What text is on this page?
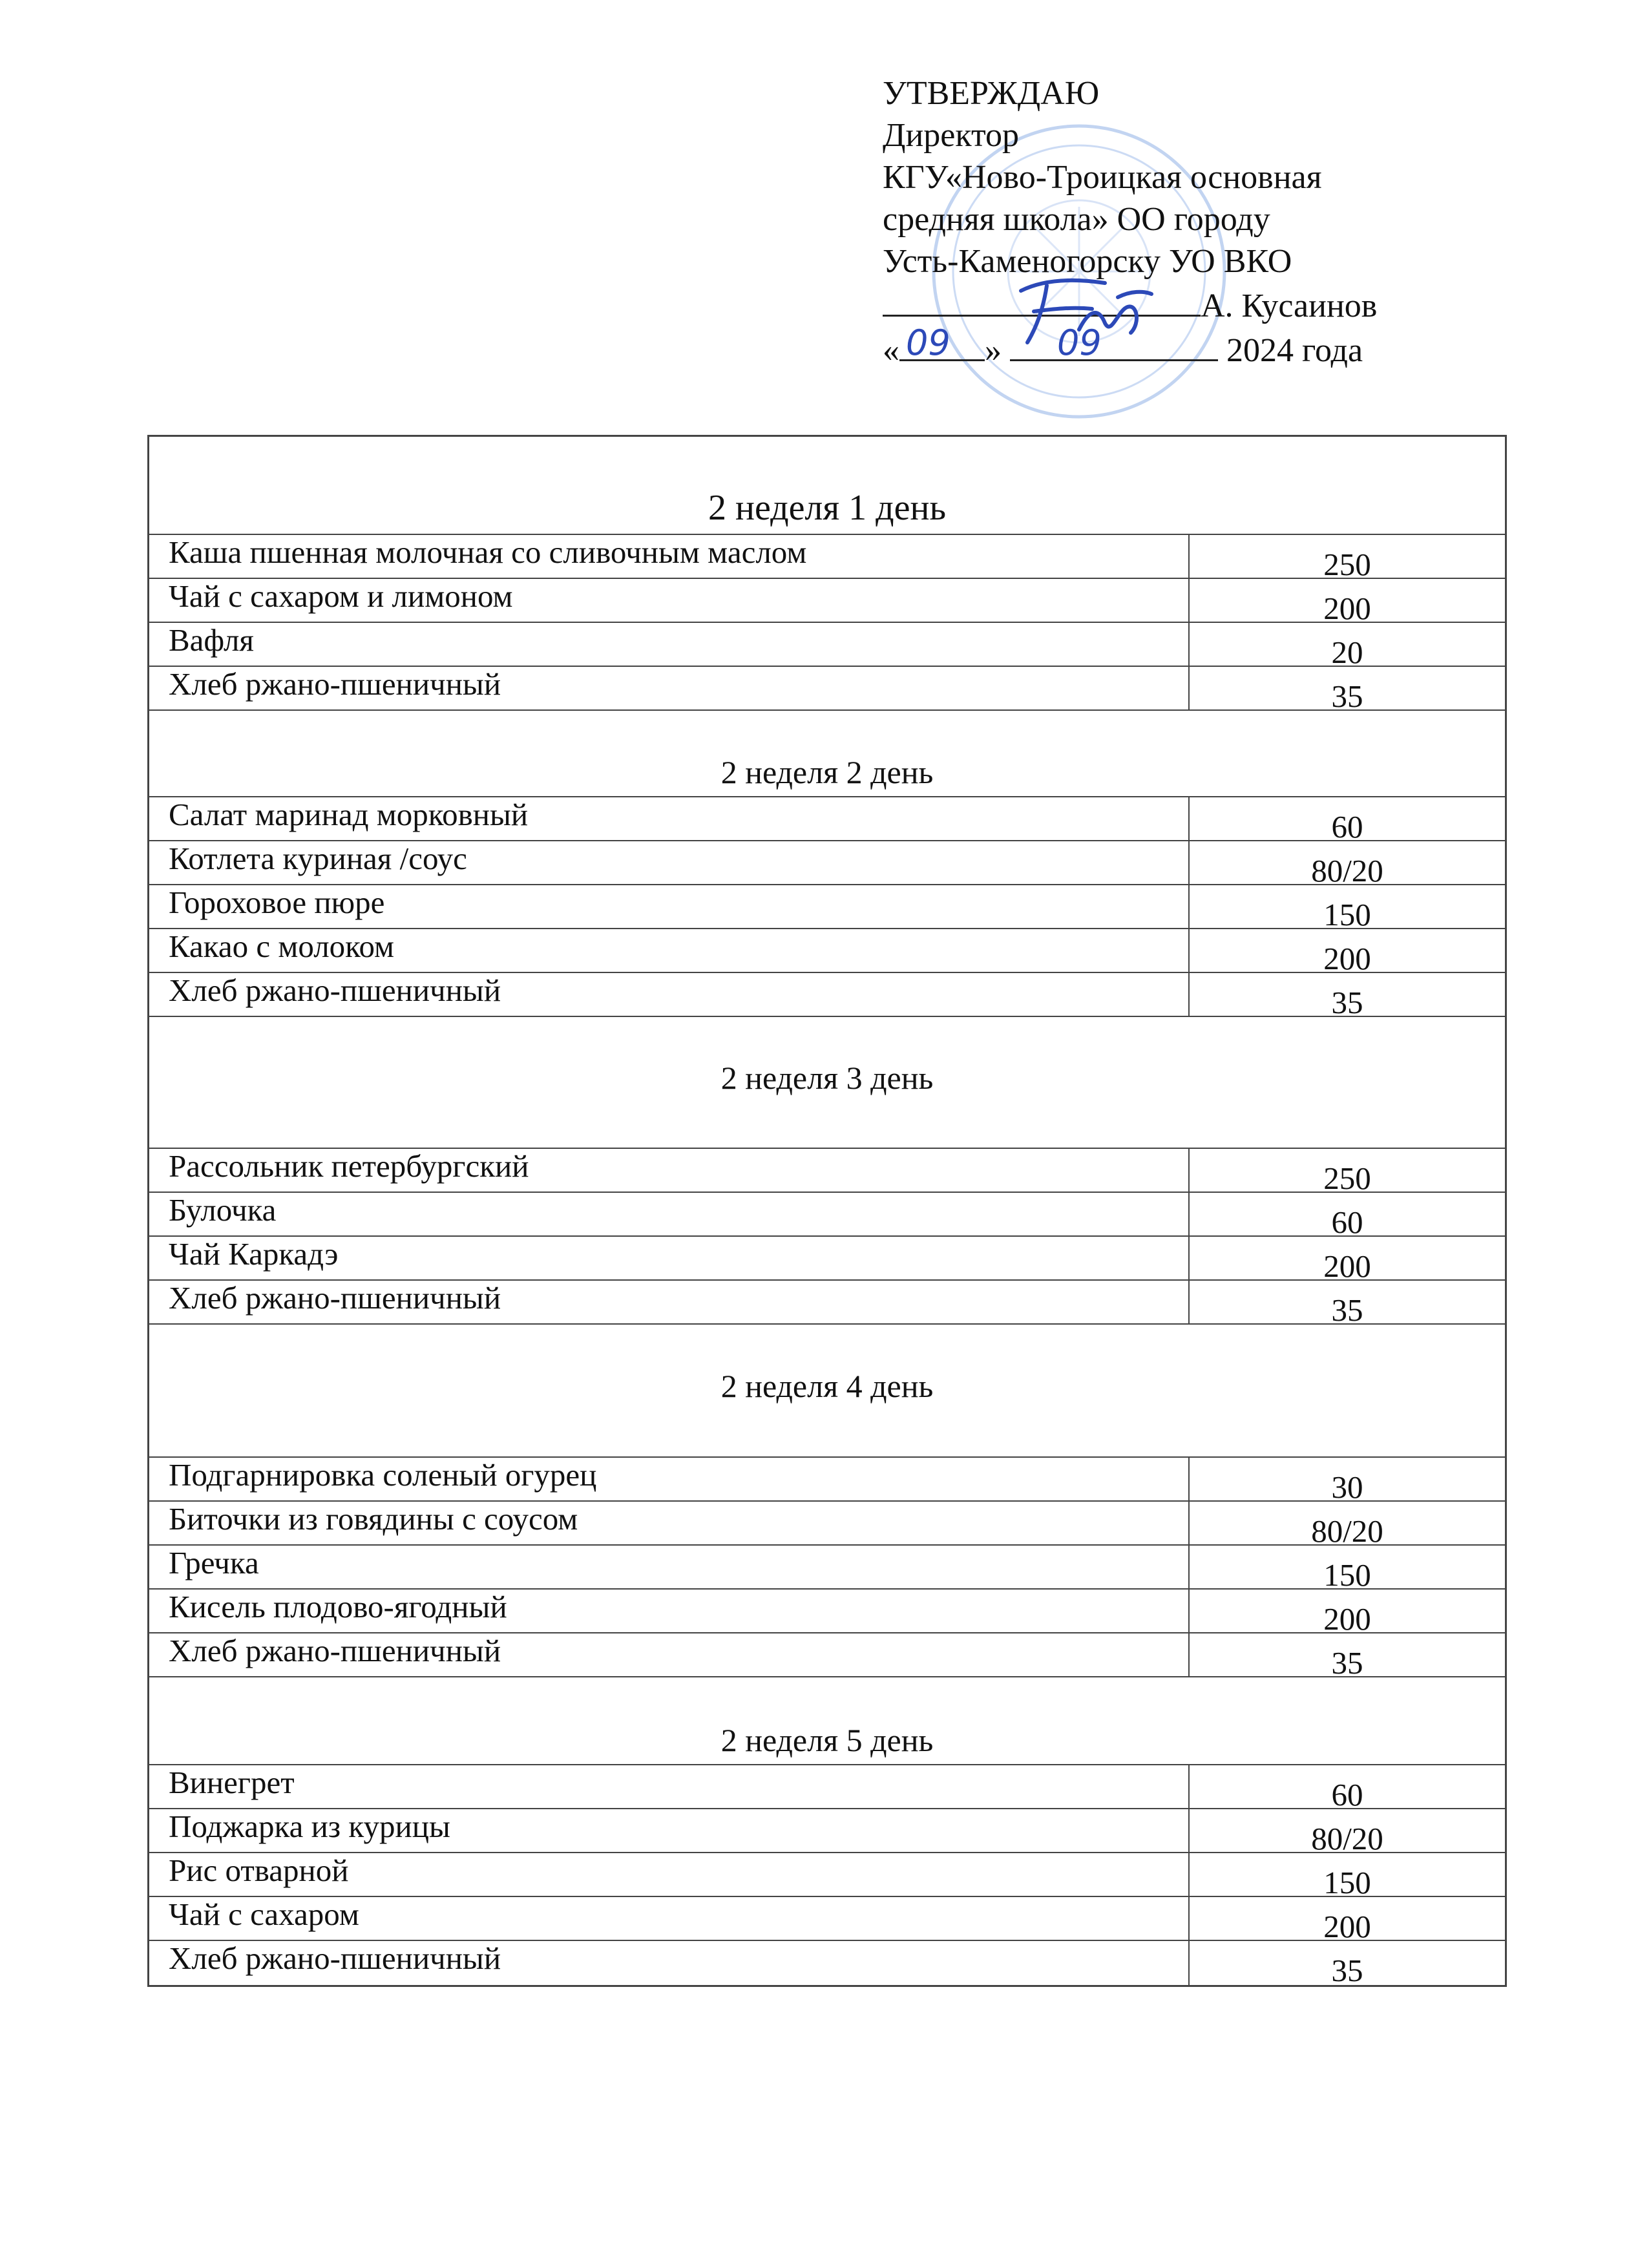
УТВЕРЖДАЮ
Директор
КГУ«Ново-Троицкая основная
средняя школа» ОО городу
Усть-Каменогорску УО ВКО
А. Кусаинов
«	»	2024 года
09	09
2 неделя 1 день
Каша пшенная молочная со сливочным маслом	250
Чай с сахаром и лимоном	200
Вафля	20
Хлеб ржано-пшеничный	35
2 неделя 2 день
Салат маринад морковный	60
Котлета куриная /соус	80/20
Гороховое пюре	150
Какао с молоком	200
Хлеб ржано-пшеничный	35
2 неделя 3 день
Рассольник петербургский	250
Булочка	60
Чай Каркадэ	200
Хлеб ржано-пшеничный	35
2 неделя 4 день
Подгарнировка соленый огурец	30
Биточки из говядины с соусом	80/20
Гречка	150
Кисель плодово-ягодный	200
Хлеб ржано-пшеничный	35
2 неделя 5 день
Винегрет	60
Поджарка из курицы	80/20
Рис отварной	150
Чай с сахаром	200
Хлеб ржано-пшеничный	35
